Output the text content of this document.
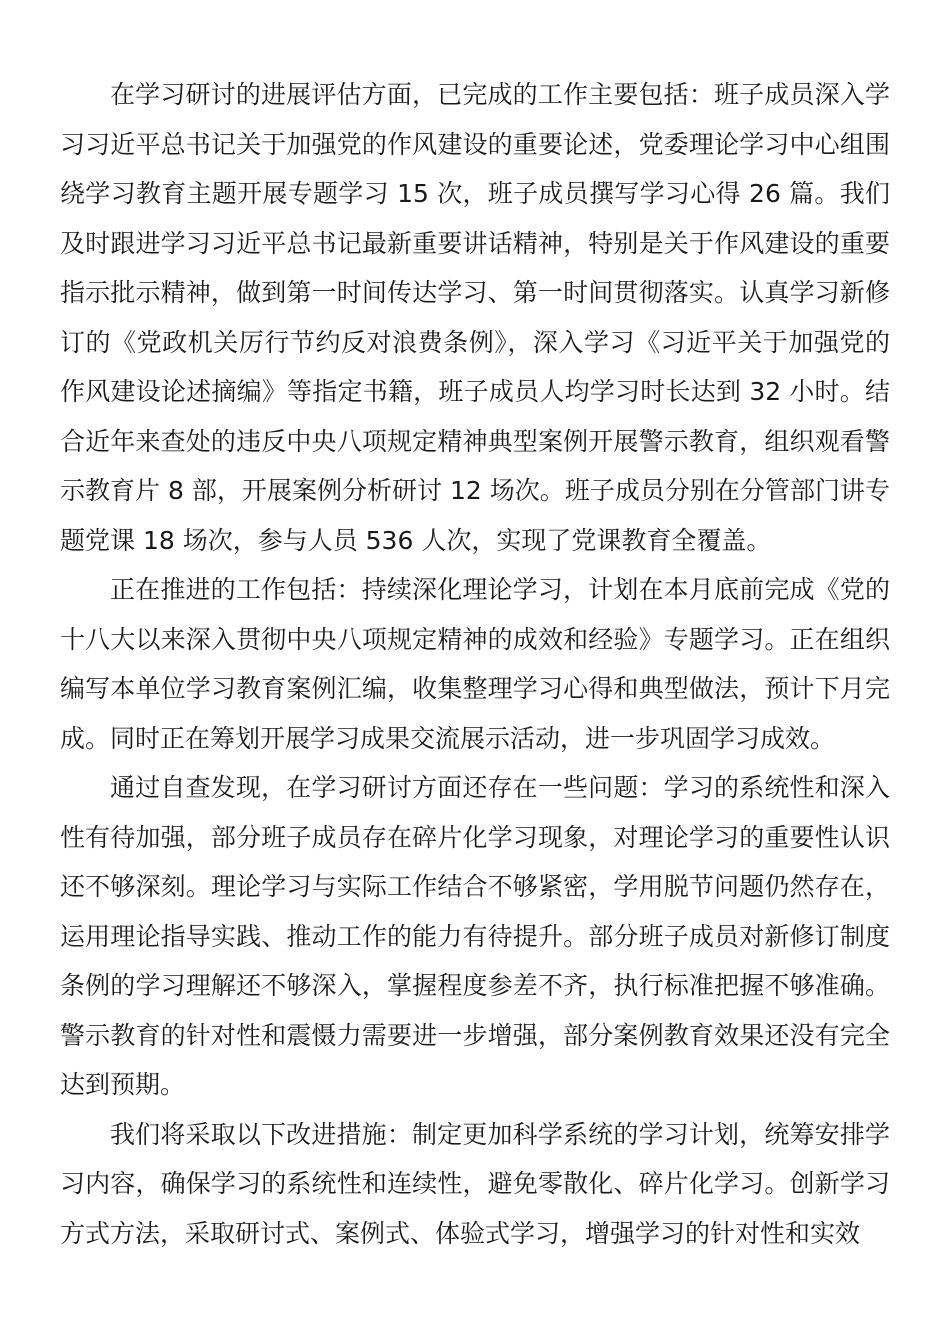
在学习研讨的进展评估方面，已完成的工作主要包括：班子成员深入学习习近平总书记关于加强党的作风建设的重要论述，党委理论学习中心组围绕学习教育主题开展专题学习 15 次，班子成员撰写学习心得 26 篇。我们及时跟进学习习近平总书记最新重要讲话精神，特别是关于作风建设的重要指示批示精神，做到第一时间传达学习、第一时间贯彻落实。认真学习新修订的《党政机关厉行节约反对浪费条例》，深入学习《习近平关于加强党的作风建设论述摘编》等指定书籍，班子成员人均学习时长达到 32 小时。结合近年来查处的违反中央八项规定精神典型案例开展警示教育，组织观看警示教育片 8 部，开展案例分析研讨 12 场次。班子成员分别在分管部门讲专题党课 18 场次，参与人员 536 人次，实现了党课教育全覆盖。

正在推进的工作包括：持续深化理论学习，计划在本月底前完成《党的十八大以来深入贯彻中央八项规定精神的成效和经验》专题学习。正在组织编写本单位学习教育案例汇编，收集整理学习心得和典型做法，预计下月完成。同时正在筹划开展学习成果交流展示活动，进一步巩固学习成效。

通过自查发现，在学习研讨方面还存在一些问题：学习的系统性和深入性有待加强，部分班子成员存在碎片化学习现象，对理论学习的重要性认识还不够深刻。理论学习与实际工作结合不够紧密，学用脱节问题仍然存在，运用理论指导实践、推动工作的能力有待提升。部分班子成员对新修订制度条例的学习理解还不够深入，掌握程度参差不齐，执行标准把握不够准确。警示教育的针对性和震慑力需要进一步增强，部分案例教育效果还没有完全达到预期。

我们将采取以下改进措施：制定更加科学系统的学习计划，统筹安排学习内容，确保学习的系统性和连续性，避免零散化、碎片化学习。创新学习方式方法，采取研讨式、案例式、体验式学习，增强学习的针对性和实效
